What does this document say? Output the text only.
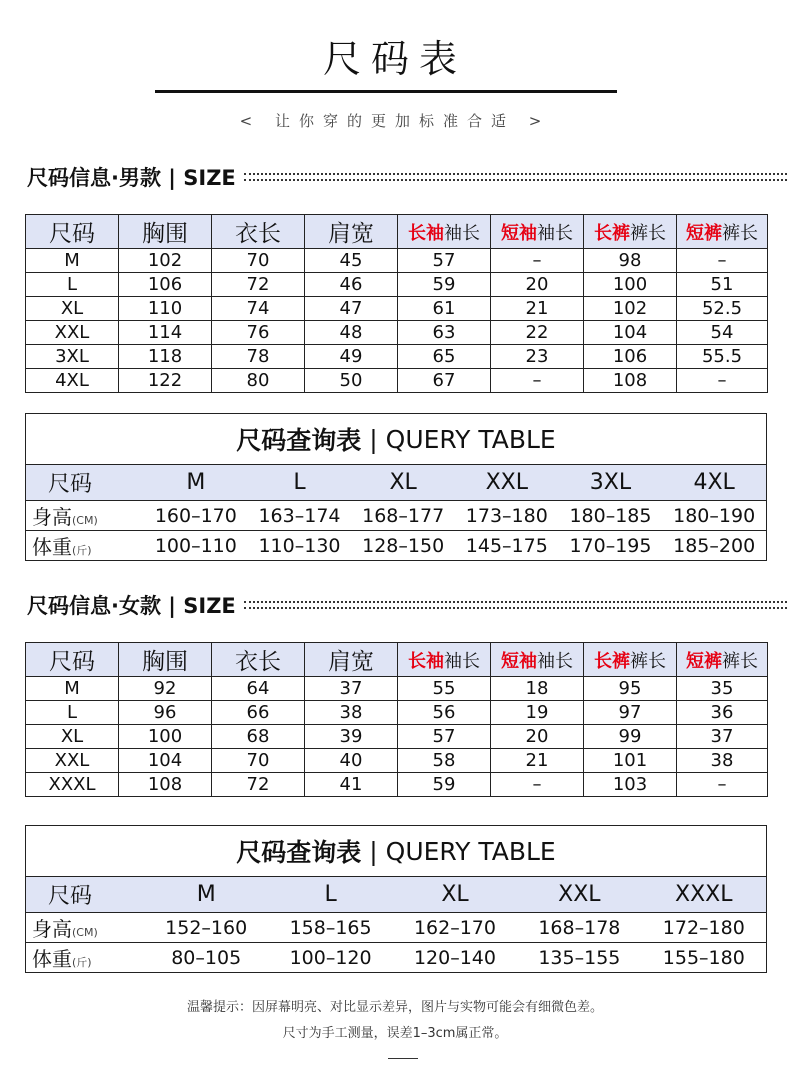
尺码表
< 让你穿的更加标准合适 >
尺码信息·男款 | SIZE
尺码	胸围	衣长	肩宽	长袖袖长	短袖袖长	长裤裤长	短裤裤长
M	102	70	45	57	–	98	–
L	106	72	46	59	20	100	51
XL	110	74	47	61	21	102	52.5
XXL	114	76	48	63	22	104	54
3XL	118	78	49	65	23	106	55.5
4XL	122	80	50	67	–	108	–
尺码查询表
|
QUERY TABLE
尺码	M	L	XL	XXL	3XL	4XL
身高(CM)	160–170	163–174	168–177	173–180	180–185	180–190
体重(斤)	100–110	110–130	128–150	145–175	170–195	185–200
尺码信息·女款 | SIZE
尺码	胸围	衣长	肩宽	长袖袖长	短袖袖长	长裤裤长	短裤裤长
M	92	64	37	55	18	95	35
L	96	66	38	56	19	97	36
XL	100	68	39	57	20	99	37
XXL	104	70	40	58	21	101	38
XXXL	108	72	41	59	–	103	–
尺码查询表
|
QUERY TABLE
尺码	M	L	XL	XXL	XXXL
身高(CM)	152–160	158–165	162–170	168–178	172–180
体重(斤)	80–105	100–120	120–140	135–155	155–180
温馨提示：因屏幕明亮、对比显示差异，图片与实物可能会有细微色差。
尺寸为手工测量，误差1–3cm属正常。
